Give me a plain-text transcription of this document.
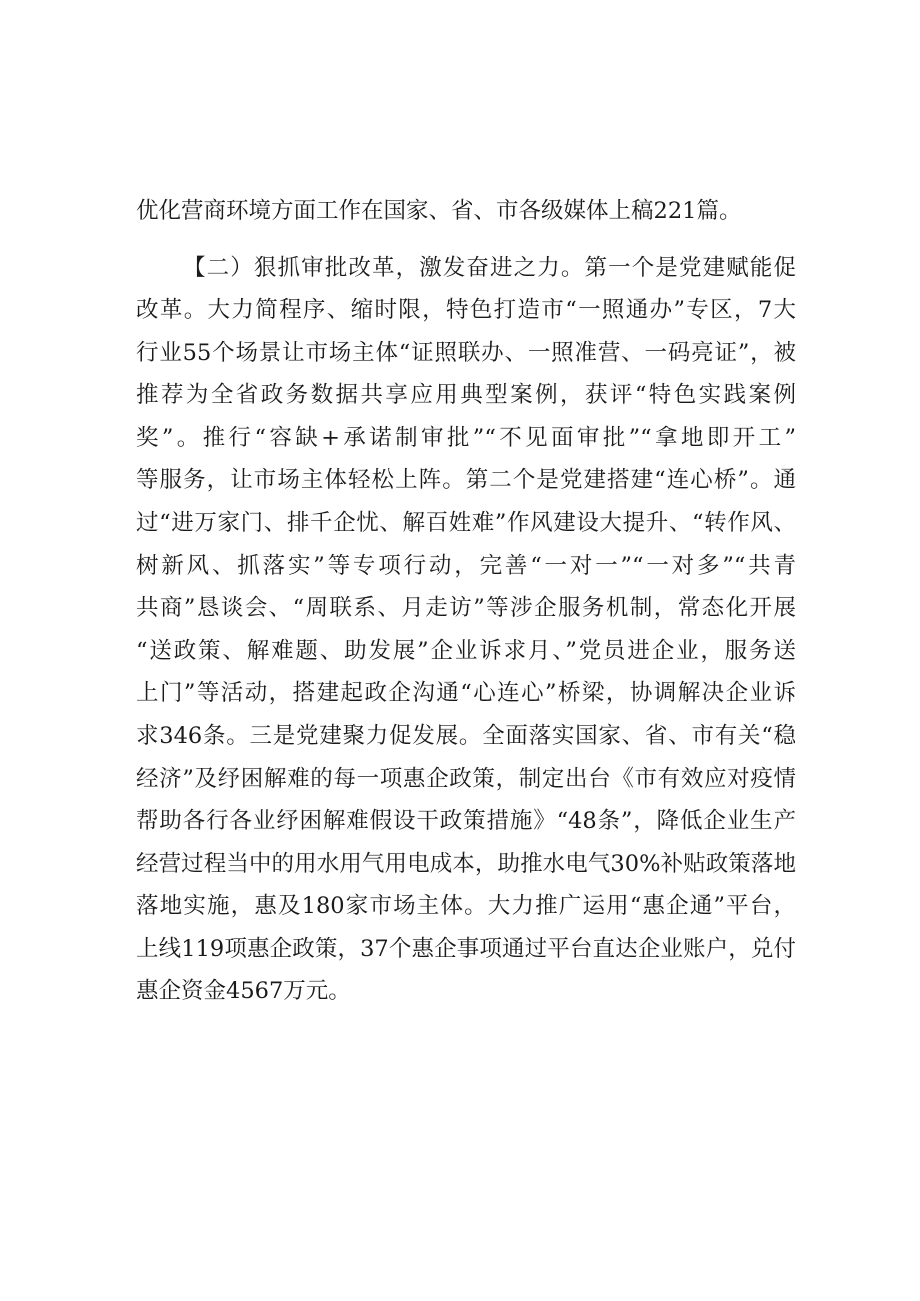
优化营商环境方面工作在国家、省、市各级媒体上稿221篇。
【二）狠抓审批改革，激发奋进之力。第一个是党建赋能促
改革。大力简程序、缩时限，特色打造市“一照通办”专区，7大
行业55个场景让市场主体“证照联办、一照准营、一码亮证”，被
推荐为全省政务数据共享应用典型案例，获评“特色实践案例
奖”。推行“容缺+承诺制审批”“不见面审批”“拿地即开工”
等服务，让市场主体轻松上阵。第二个是党建搭建“连心桥”。通
过“进万家门、排千企忧、解百姓难”作风建设大提升、“转作风、
树新风、抓落实”等专项行动，完善“一对一”“一对多”“共青
共商”恳谈会、“周联系、月走访”等涉企服务机制，常态化开展
“送政策、解难题、助发展”企业诉求月、”党员进企业，服务送
上门”等活动，搭建起政企沟通“心连心”桥梁，协调解决企业诉
求346条。三是党建聚力促发展。全面落实国家、省、市有关“稳
经济”及纾困解难的每一项惠企政策，制定出台《市有效应对疫情
帮助各行各业纾困解难假设干政策措施》“48条”，降低企业生产
经营过程当中的用水用气用电成本，助推水电气30%补贴政策落地
落地实施，惠及180家市场主体。大力推广运用“惠企通”平台，
上线119项惠企政策，37个惠企事项通过平台直达企业账户，兑付
惠企资金4567万元。
